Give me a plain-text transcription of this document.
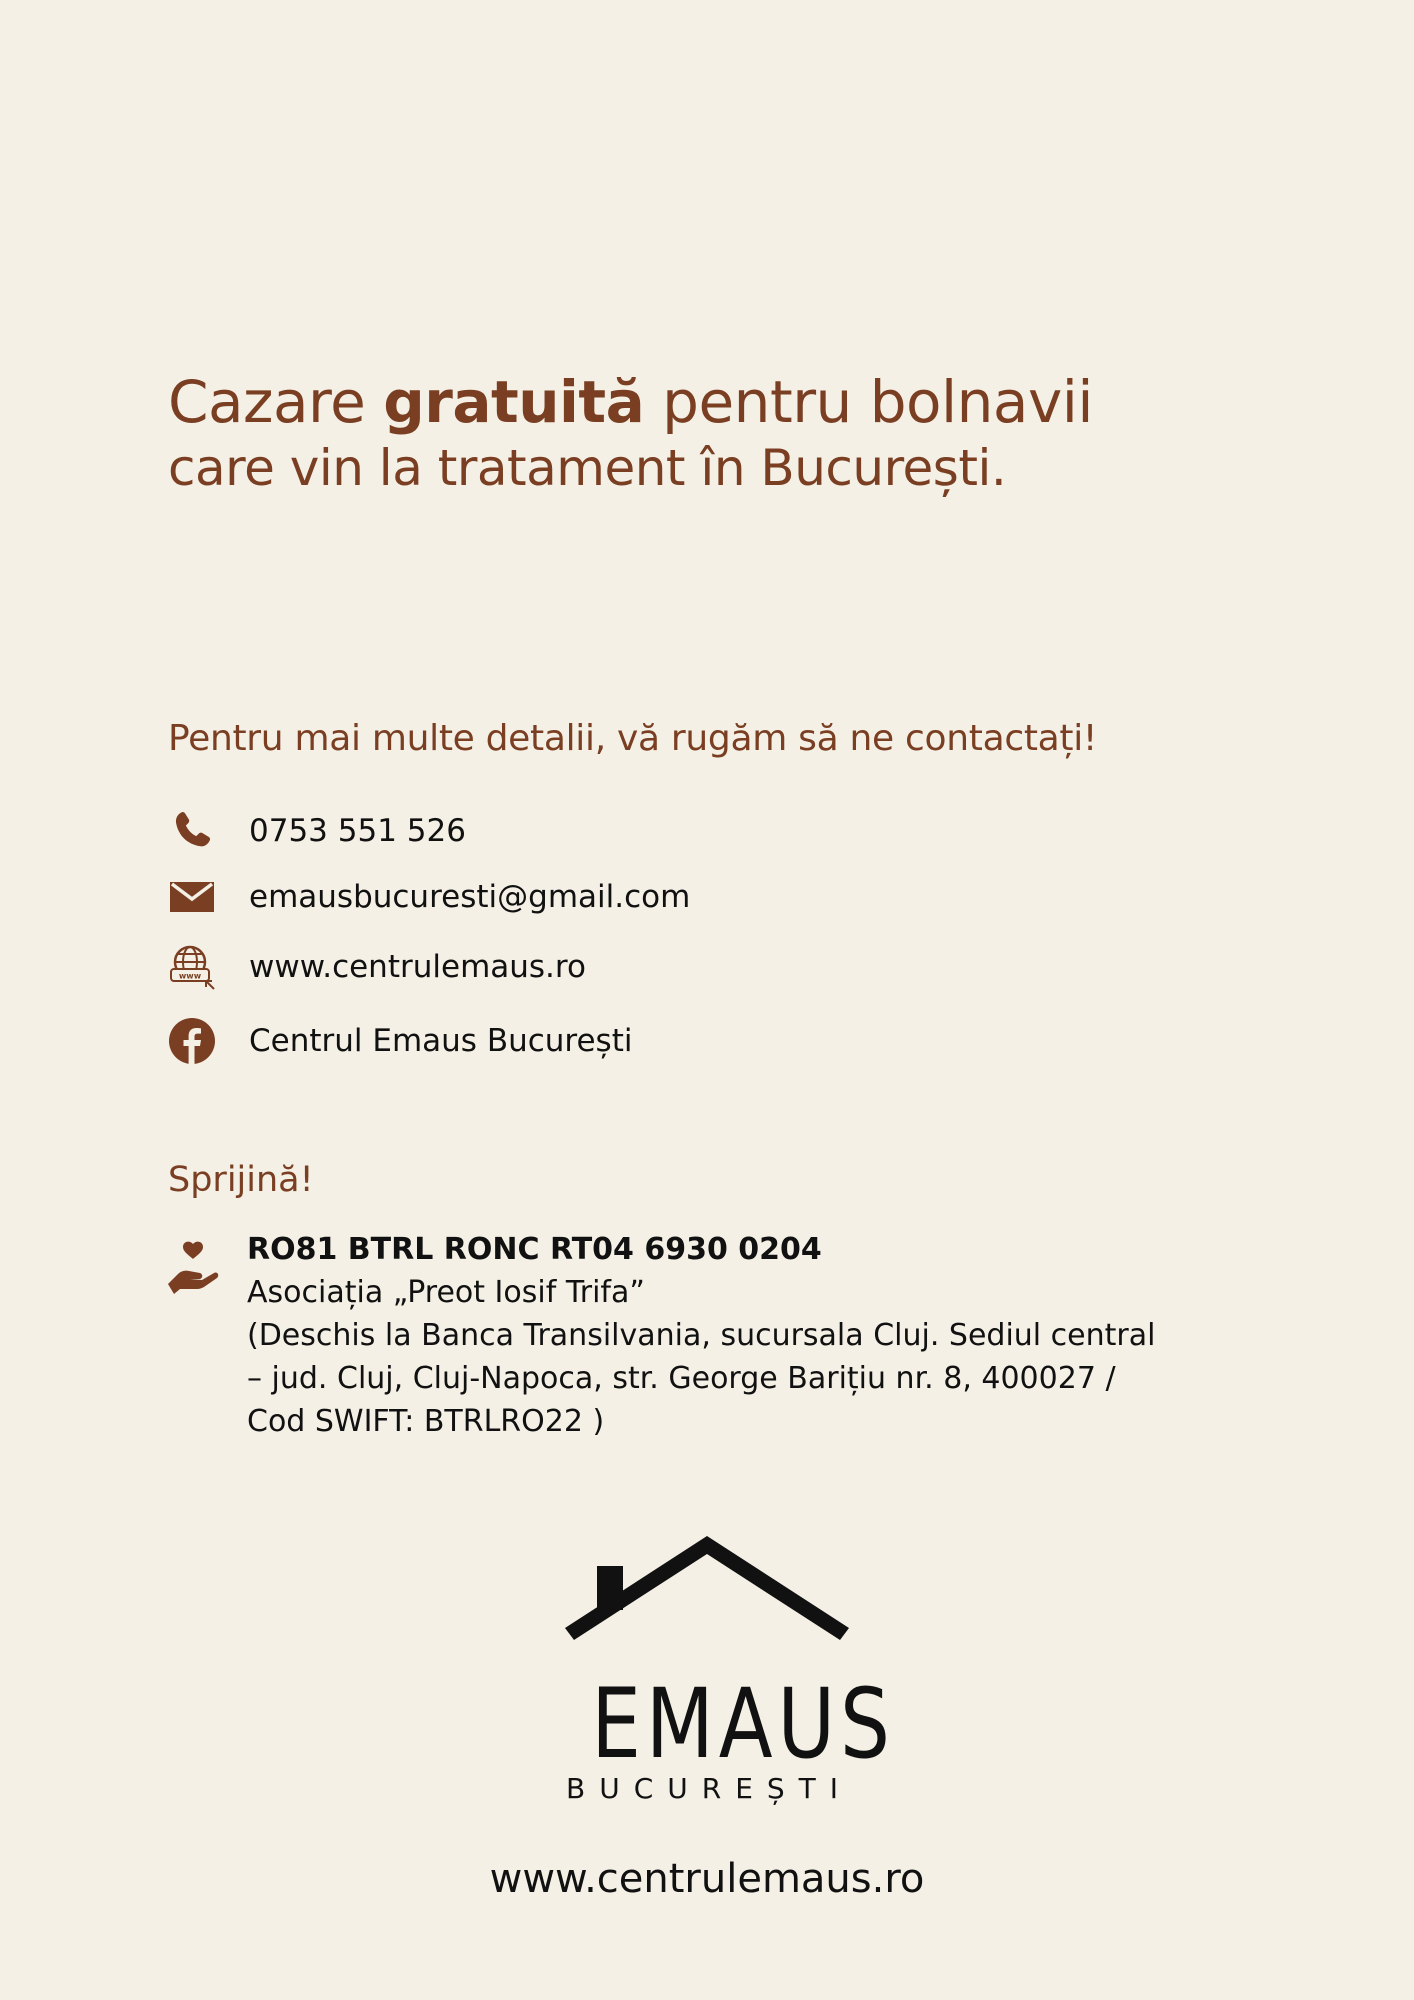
Cazare gratuită pentru bolnavii
care vin la tratament în București.
Pentru mai multe detalii, vă rugăm să ne contactați!
0753 551 526
emausbucuresti@gmail.com
www www.centrulemaus.ro
Centrul Emaus București
Sprijină!
RO81 BTRL RONC RT04 6930 0204
Asociația „Preot Iosif Trifa”
(Deschis la Banca Transilvania, sucursala Cluj. Sediul central
– jud. Cluj, Cluj-Napoca, str. George Barițiu nr. 8, 400027 /
Cod SWIFT: BTRLRO22 )
EMAUS
BUCUREȘTI
www.centrulemaus.ro
